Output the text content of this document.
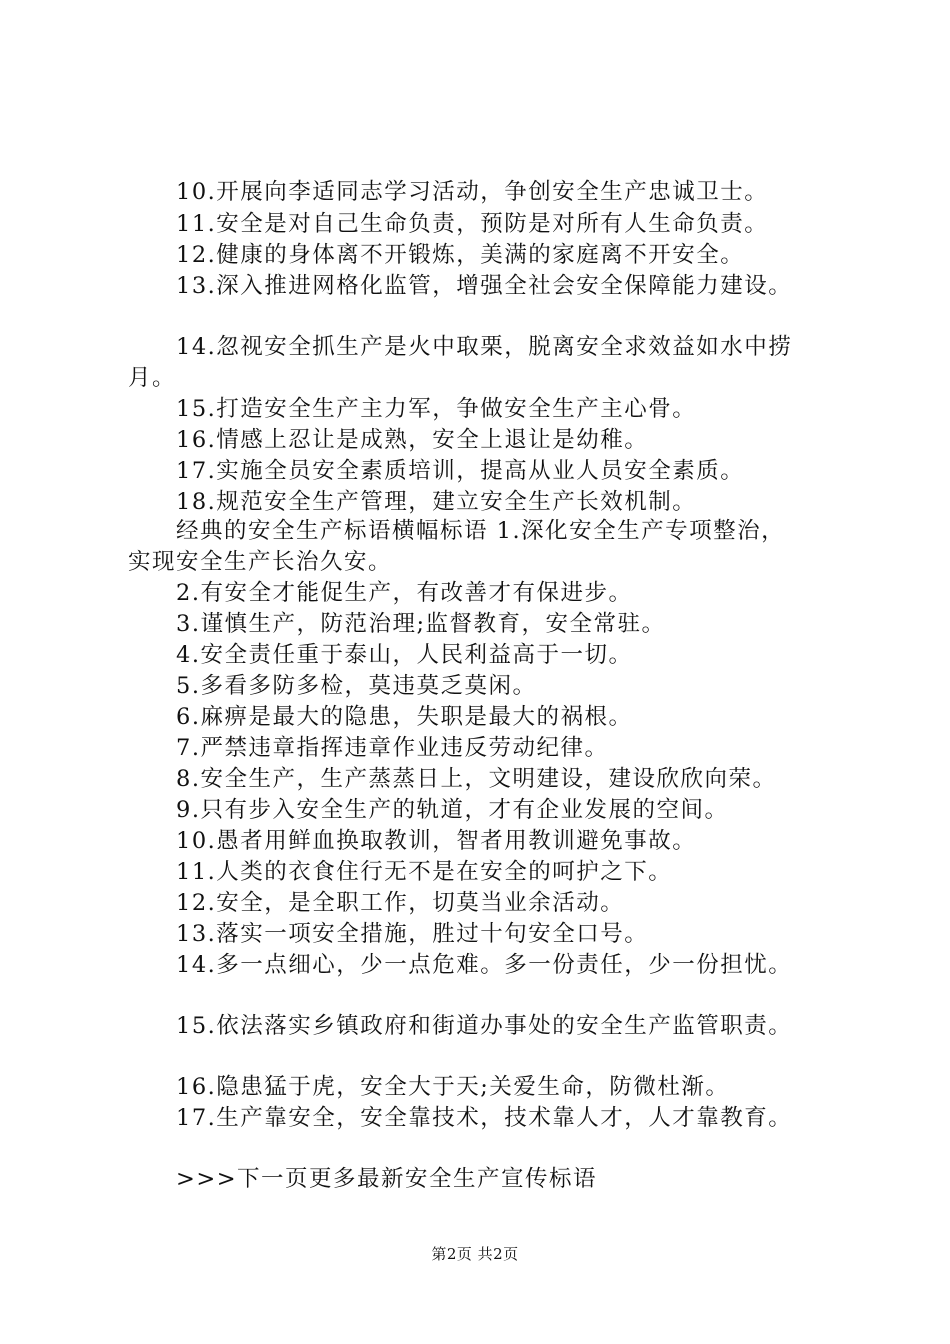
10.开展向李适同志学习活动，争创安全生产忠诚卫士。
11.安全是对自己生命负责，预防是对所有人生命负责。
12.健康的身体离不开锻炼，美满的家庭离不开安全。
13.深入推进网格化监管，增强全社会安全保障能力建设。
14.忽视安全抓生产是火中取栗，脱离安全求效益如水中捞
月。
15.打造安全生产主力军，争做安全生产主心骨。
16.情感上忍让是成熟，安全上退让是幼稚。
17.实施全员安全素质培训，提高从业人员安全素质。
18.规范安全生产管理，建立安全生产长效机制。
经典的安全生产标语横幅标语 1.深化安全生产专项整治，
实现安全生产长治久安。
2.有安全才能促生产，有改善才有保进步。
3.谨慎生产，防范治理;监督教育，安全常驻。
4.安全责任重于泰山，人民利益高于一切。
5.多看多防多检，莫违莫乏莫闲。
6.麻痹是最大的隐患，失职是最大的祸根。
7.严禁违章指挥违章作业违反劳动纪律。
8.安全生产，生产蒸蒸日上，文明建设，建设欣欣向荣。
9.只有步入安全生产的轨道，才有企业发展的空间。
10.愚者用鲜血换取教训，智者用教训避免事故。
11.人类的衣食住行无不是在安全的呵护之下。
12.安全，是全职工作，切莫当业余活动。
13.落实一项安全措施，胜过十句安全口号。
14.多一点细心，少一点危难。多一份责任，少一份担忧。
15.依法落实乡镇政府和街道办事处的安全生产监管职责。
16.隐患猛于虎，安全大于天;关爱生命，防微杜渐。
17.生产靠安全，安全靠技术，技术靠人才，人才靠教育。
>>>下一页更多最新安全生产宣传标语
第2页 共2页
